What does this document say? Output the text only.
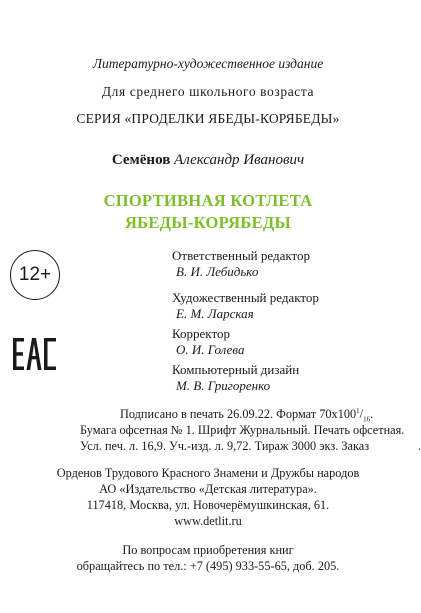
Литературно-художественное издание
Для среднего школьного возраста
СЕРИЯ «ПРОДЕЛКИ ЯБЕДЫ-КОРЯБЕДЫ»
Семёнов Александр Иванович
СПОРТИВНАЯ КОТЛЕТА
ЯБЕДЫ-КОРЯБЕДЫ
12+
Ответственный редактор
В. И. Лебидько
Художественный редактор
Е. М. Ларская
Корректор
О. И. Голева
Компьютерный дизайн
М. В. Григоренко
Подписано в печать 26.09.22. Формат $70x100^1/_{16}$.
Бумага офсетная № 1. Шрифт Журнальный. Печать офсетная.
Усл. печ. л. 16,9. Уч.-изд. л. 9,72. Тираж 3000 экз. Заказ	.
Орденов Трудового Красного Знамени и Дружбы народов
АО «Издательство «Детская литература».
117418, Москва, ул. Новочерёмушкинская, 61.
www.detlit.ru
По вопросам приобретения книг
обращайтесь по тел.: +7 (495) 933-55-65, доб. 205.
